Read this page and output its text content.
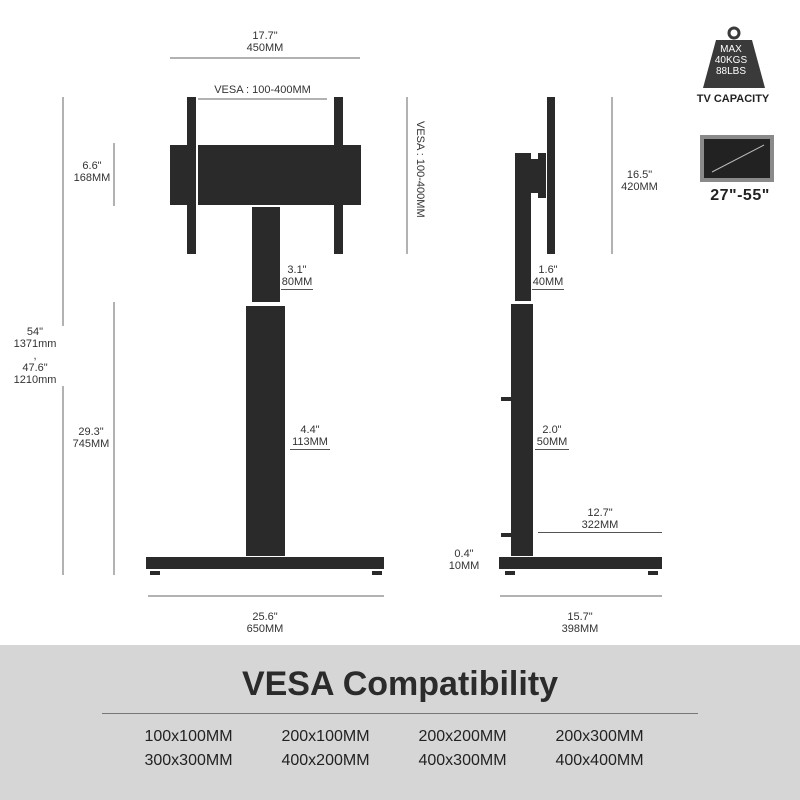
17.7"
450MM
VESA : 100-400MM
VESA : 100-400MM
6.6"
168MM
54"
1371mm
,
47.6"
1210mm
29.3"
745MM
3.1"
80MM
4.4"
113MM
25.6"
650MM
16.5"
420MM
1.6"
40MM
2.0"
50MM
12.7"
322MM
0.4"
10MM
15.7"
398MM
MAX
40KGS
88LBS
TV CAPACITY
27"-55"
VESA Compatibility
100x100MM	200x100MM	200x200MM	200x300MM
300x300MM	400x200MM	400x300MM	400x400MM
